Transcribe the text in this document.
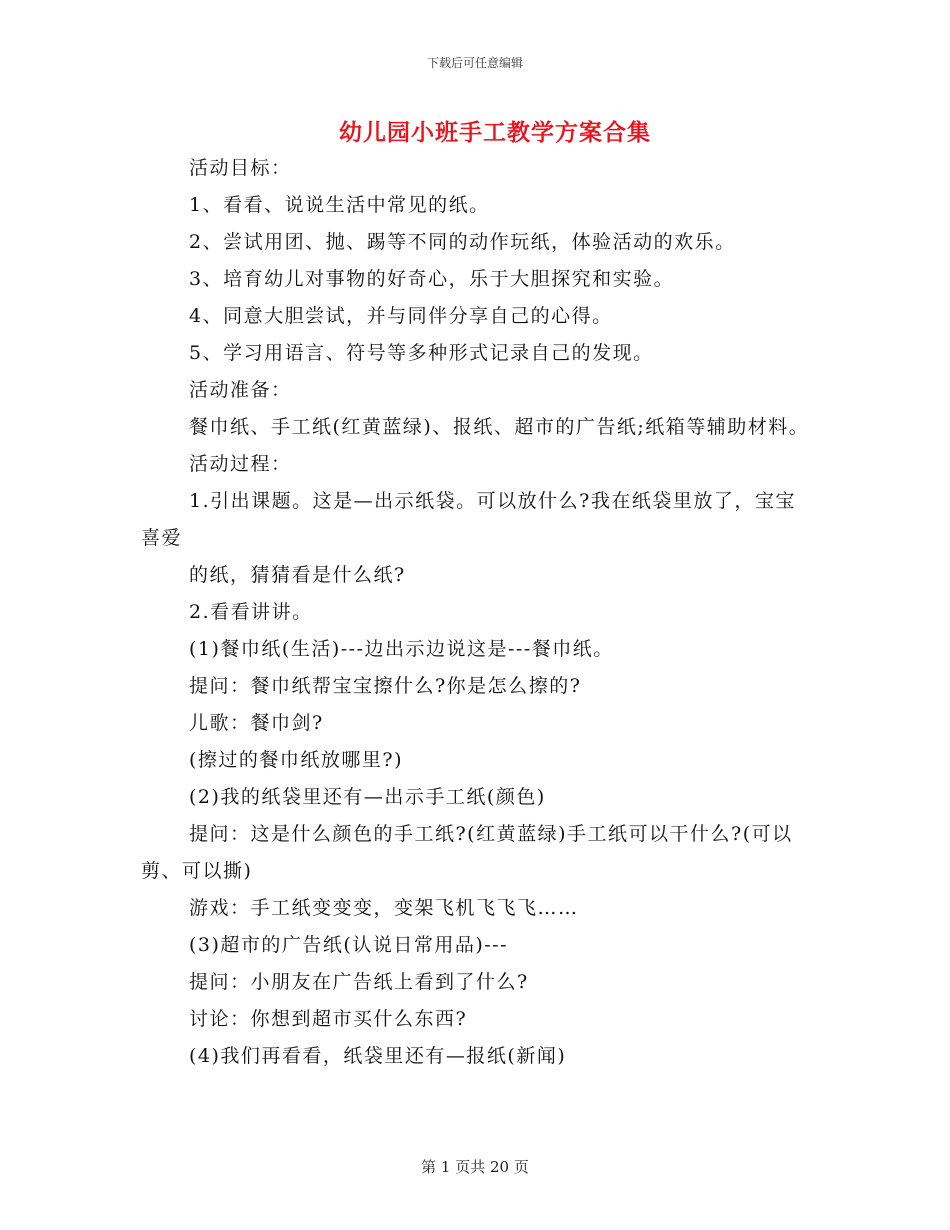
下载后可任意编辑
幼儿园小班手工教学方案合集

活动目标：

1、看看、说说生活中常见的纸。

2、尝试用团、抛、踢等不同的动作玩纸，体验活动的欢乐。

3、培育幼儿对事物的好奇心，乐于大胆探究和实验。

4、同意大胆尝试，并与同伴分享自己的心得。

5、学习用语言、符号等多种形式记录自己的发现。

活动准备：

餐巾纸、手工纸(红黄蓝绿)、报纸、超市的广告纸;纸箱等辅助材料。

活动过程：

1.引出课题。这是—出示纸袋。可以放什么?我在纸袋里放了，宝宝喜爱

的纸，猜猜看是什么纸?

2.看看讲讲。

(1)餐巾纸(生活)---边出示边说这是---餐巾纸。

提问：餐巾纸帮宝宝擦什么?你是怎么擦的?

儿歌：餐巾剑?

(擦过的餐巾纸放哪里?)

(2)我的纸袋里还有—出示手工纸(颜色)

提问：这是什么颜色的手工纸?(红黄蓝绿)手工纸可以干什么?(可以剪、可以撕)

游戏：手工纸变变变，变架飞机飞飞飞……

(3)超市的广告纸(认说日常用品)---

提问：小朋友在广告纸上看到了什么?

讨论：你想到超市买什么东西?

(4)我们再看看，纸袋里还有—报纸(新闻)

第 1 页共 20 页
